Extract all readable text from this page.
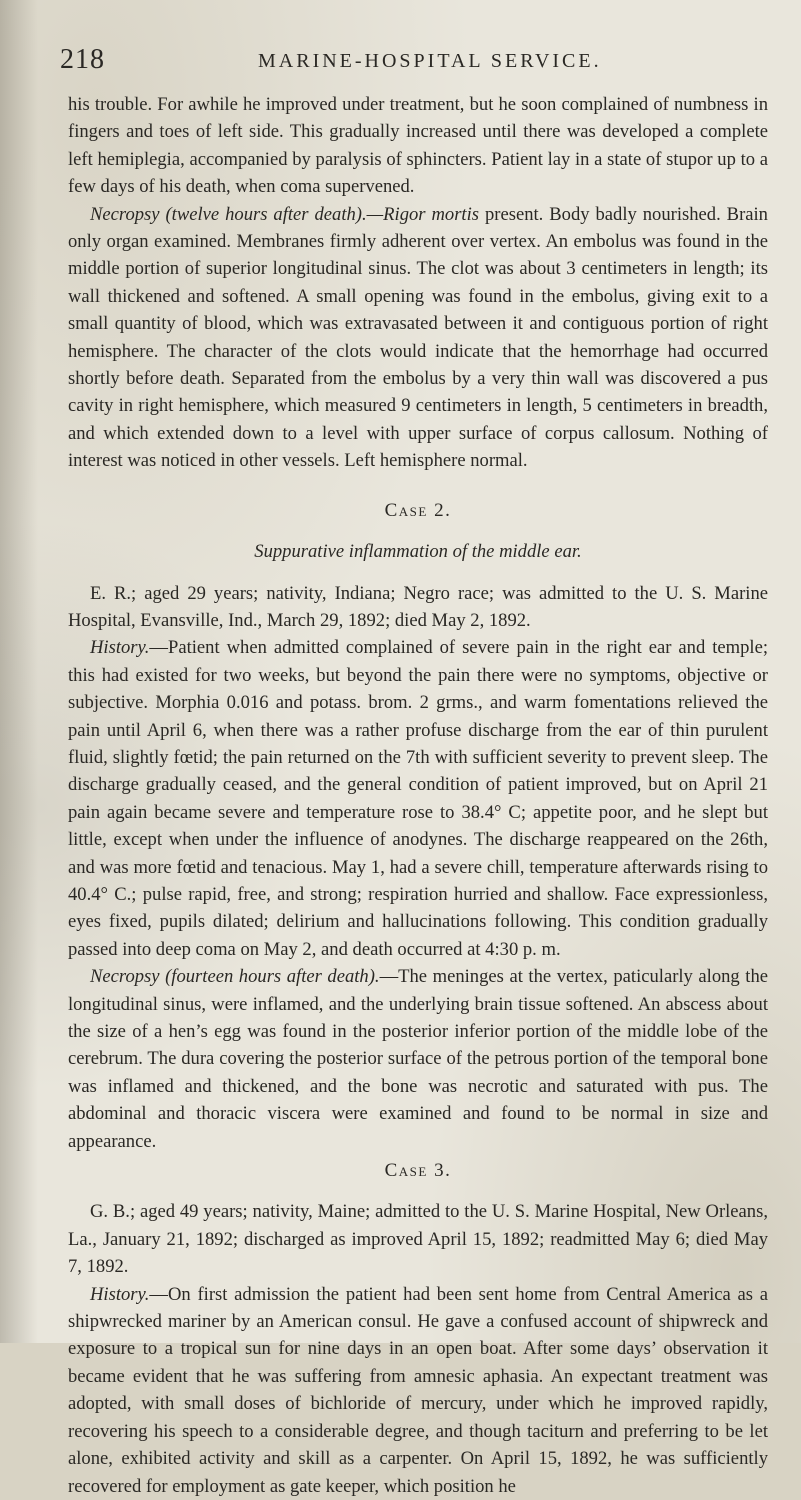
218	MARINE-HOSPITAL SERVICE.

his trouble. For awhile he improved under treatment, but he soon complained of numbness in fingers and toes of left side. This gradually increased until there was developed a complete left hemiplegia, accompanied by paralysis of sphincters. Patient lay in a state of stupor up to a few days of his death, when coma supervened.

Necropsy (twelve hours after death).—Rigor mortis present. Body badly nourished. Brain only organ examined. Membranes firmly adherent over vertex. An embolus was found in the middle portion of superior longitudinal sinus. The clot was about 3 centimeters in length; its wall thickened and softened. A small opening was found in the embolus, giving exit to a small quantity of blood, which was extravasated between it and contiguous portion of right hemisphere. The character of the clots would indicate that the hemorrhage had occurred shortly before death. Separated from the embolus by a very thin wall was discovered a pus cavity in right hemisphere, which measured 9 centimeters in length, 5 centimeters in breadth, and which extended down to a level with upper surface of corpus callosum. Nothing of interest was noticed in other vessels. Left hemisphere normal.

Case 2.
Suppurative inflammation of the middle ear.

E. R.; aged 29 years; nativity, Indiana; Negro race; was admitted to the U. S. Marine Hospital, Evansville, Ind., March 29, 1892; died May 2, 1892.

History.—Patient when admitted complained of severe pain in the right ear and temple; this had existed for two weeks, but beyond the pain there were no symptoms, objective or subjective. Morphia 0.016 and potass. brom. 2 grms., and warm fomentations relieved the pain until April 6, when there was a rather profuse discharge from the ear of thin purulent fluid, slightly fœtid; the pain returned on the 7th with sufficient severity to prevent sleep. The discharge gradually ceased, and the general condition of patient improved, but on April 21 pain again became severe and temperature rose to 38.4° C; appetite poor, and he slept but little, except when under the influence of anodynes. The discharge reappeared on the 26th, and was more fœtid and tenacious. May 1, had a severe chill, temperature afterwards rising to 40.4° C.; pulse rapid, free, and strong; respiration hurried and shallow. Face expressionless, eyes fixed, pupils dilated; delirium and hallucinations following. This condition gradually passed into deep coma on May 2, and death occurred at 4:30 p. m.

Necropsy (fourteen hours after death).—The meninges at the vertex, paticularly along the longitudinal sinus, were inflamed, and the underlying brain tissue softened. An abscess about the size of a hen’s egg was found in the posterior inferior portion of the middle lobe of the cerebrum. The dura covering the posterior surface of the petrous portion of the temporal bone was inflamed and thickened, and the bone was necrotic and saturated with pus. The abdominal and thoracic viscera were examined and found to be normal in size and appearance.

Case 3.

G. B.; aged 49 years; nativity, Maine; admitted to the U. S. Marine Hospital, New Orleans, La., January 21, 1892; discharged as improved April 15, 1892; readmitted May 6; died May 7, 1892.

History.—On first admission the patient had been sent home from Central America as a shipwrecked mariner by an American consul. He gave a confused account of shipwreck and exposure to a tropical sun for nine days in an open boat. After some days’ observation it became evident that he was suffering from amnesic aphasia. An expectant treatment was adopted, with small doses of bichloride of mercury, under which he improved rapidly, recovering his speech to a considerable degree, and though taciturn and preferring to be let alone, exhibited activity and skill as a carpenter. On April 15, 1892, he was sufficiently recovered for employment as gate keeper, which position he
